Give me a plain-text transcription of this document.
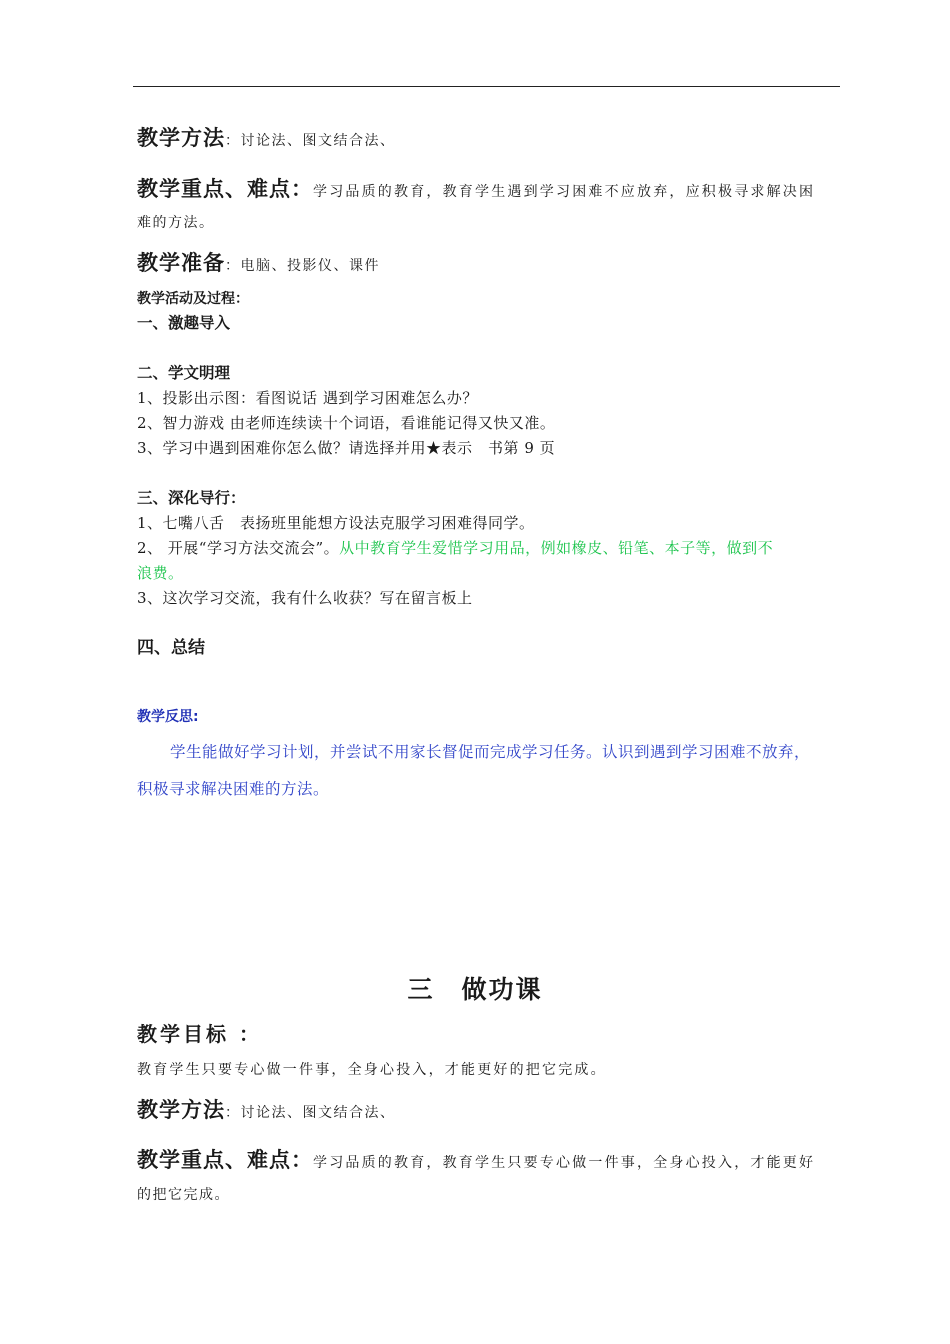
教学方法：讨论法、图文结合法、
教学重点、难点：学习品质的教育，教育学生遇到学习困难不应放弃，应积极寻求解决困
难的方法。
教学准备：电脑、投影仪、课件
教学活动及过程：
一、激趣导入
二、学文明理
1、投影出示图：看图说话 遇到学习困难怎么办？
2、智力游戏 由老师连续读十个词语，看谁能记得又快又准。
3、学习中遇到困难你怎么做？请选择并用★表示　书第 9 页
三、深化导行：
1、七嘴八舌　表扬班里能想方设法克服学习困难得同学。
2、 开展“学习方法交流会”。从中教育学生爱惜学习用品，例如橡皮、铅笔、本子等，做到不
浪费。
3、这次学习交流，我有什么收获？写在留言板上
四、总结
教学反思:
学生能做好学习计划，并尝试不用家长督促而完成学习任务。认识到遇到学习困难不放弃，
积极寻求解决困难的方法。
三　做功课
教学目标 ：
教育学生只要专心做一件事，全身心投入，才能更好的把它完成。
教学方法：讨论法、图文结合法、
教学重点、难点：学习品质的教育，教育学生只要专心做一件事，全身心投入，才能更好
的把它完成。
